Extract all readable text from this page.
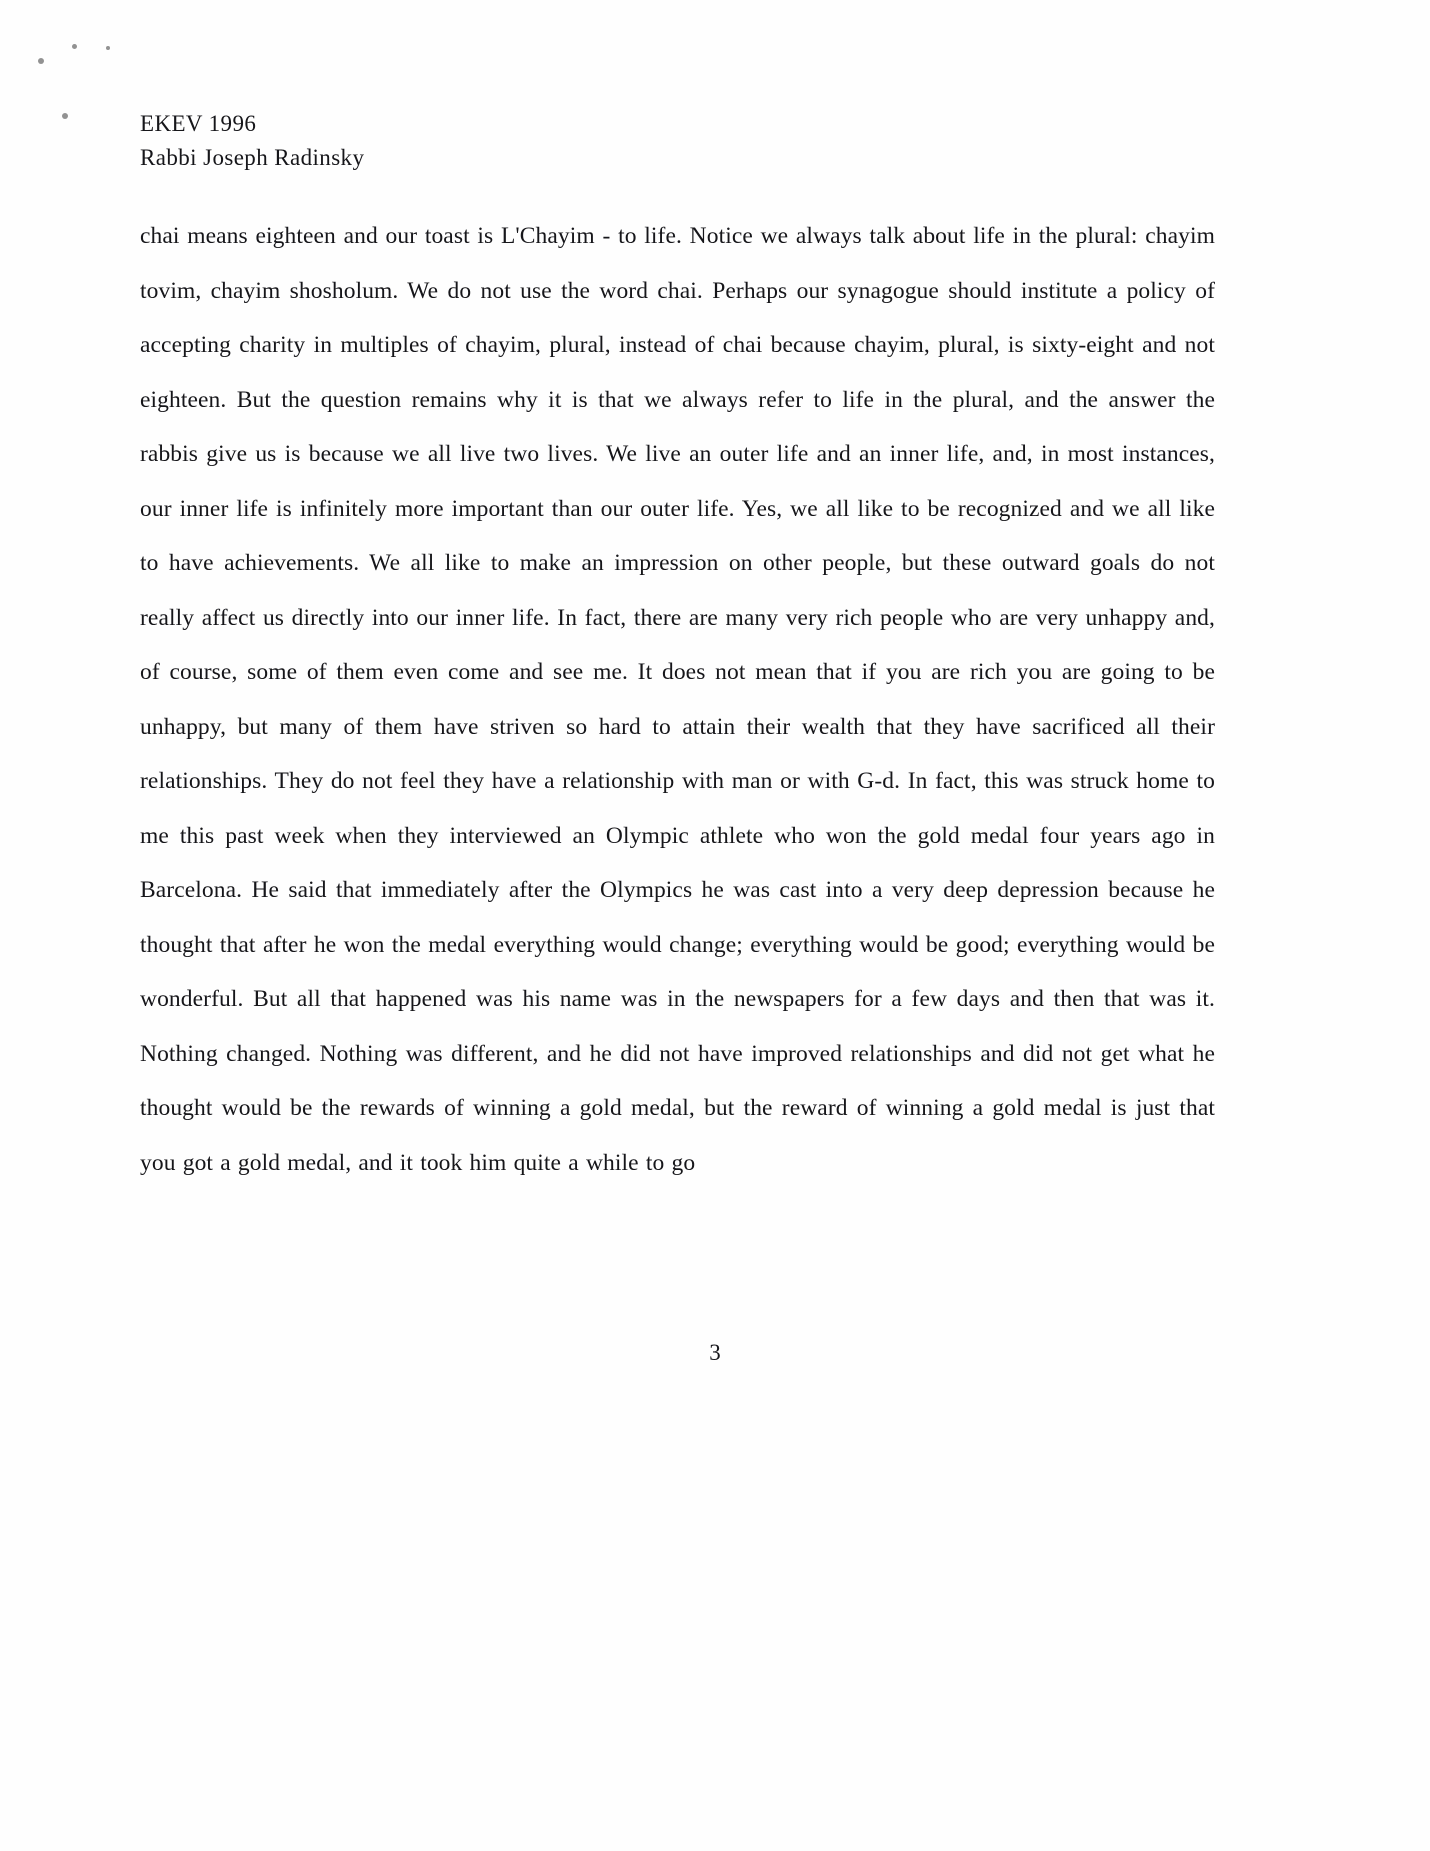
EKEV 1996
Rabbi Joseph Radinsky

chai means eighteen and our toast is L'Chayim - to life. Notice we always talk about life in the plural: chayim tovim, chayim shosholum. We do not use the word chai. Perhaps our synagogue should institute a policy of accepting charity in multiples of chayim, plural, instead of chai because chayim, plural, is sixty-eight and not eighteen. But the question remains why it is that we always refer to life in the plural, and the answer the rabbis give us is because we all live two lives. We live an outer life and an inner life, and, in most instances, our inner life is infinitely more important than our outer life. Yes, we all like to be recognized and we all like to have achievements. We all like to make an impression on other people, but these outward goals do not really affect us directly into our inner life. In fact, there are many very rich people who are very unhappy and, of course, some of them even come and see me. It does not mean that if you are rich you are going to be unhappy, but many of them have striven so hard to attain their wealth that they have sacrificed all their relationships. They do not feel they have a relationship with man or with G-d. In fact, this was struck home to me this past week when they interviewed an Olympic athlete who won the gold medal four years ago in Barcelona. He said that immediately after the Olympics he was cast into a very deep depression because he thought that after he won the medal everything would change; everything would be good; everything would be wonderful. But all that happened was his name was in the newspapers for a few days and then that was it. Nothing changed. Nothing was different, and he did not have improved relationships and did not get what he thought would be the rewards of winning a gold medal, but the reward of winning a gold medal is just that you got a gold medal, and it took him quite a while to go

3
